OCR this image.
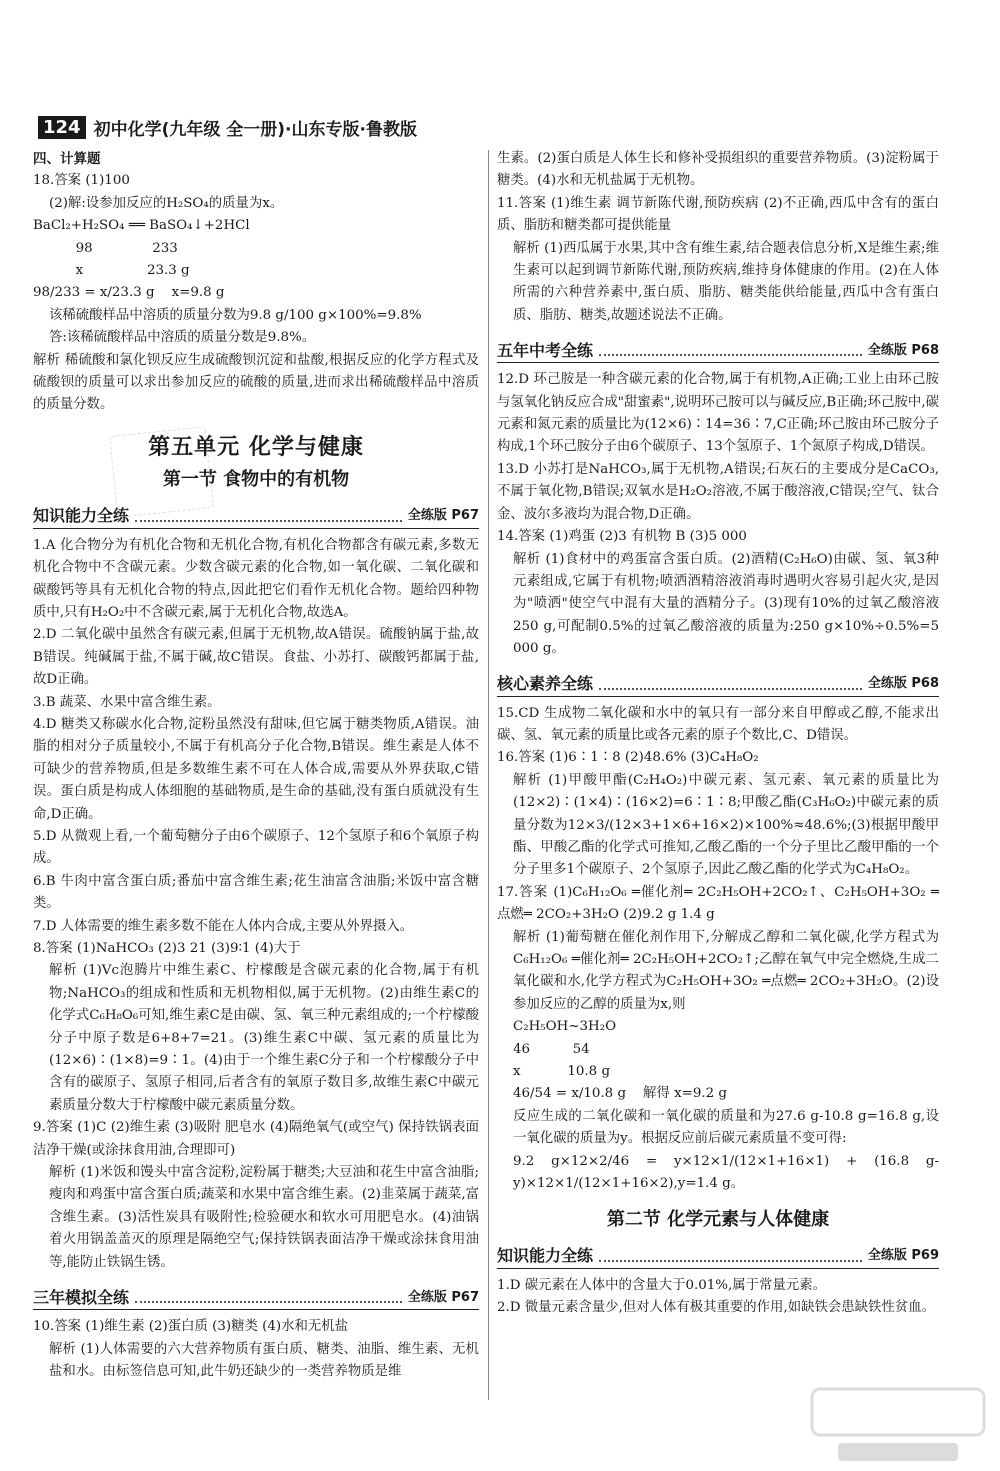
124 初中化学(九年级 全一册)·山东专版·鲁教版

四、计算题

18.答案 (1)100

(2)解:设参加反应的H₂SO₄的质量为x。

BaCl₂+H₂SO₄ ══ BaSO₄↓+2HCl

98              233

x               23.3 g

98/233 = x/23.3 g    x=9.8 g

该稀硫酸样品中溶质的质量分数为9.8 g/100 g×100%=9.8%

答:该稀硫酸样品中溶质的质量分数是9.8%。

解析 稀硫酸和氯化钡反应生成硫酸钡沉淀和盐酸,根据反应的化学方程式及硫酸钡的质量可以求出参加反应的硫酸的质量,进而求出稀硫酸样品中溶质的质量分数。

第五单元 化学与健康
第一节 食物中的有机物
知识能力全练	全练版 P67

1.A 化合物分为有机化合物和无机化合物,有机化合物都含有碳元素,多数无机化合物中不含碳元素。少数含碳元素的化合物,如一氧化碳、二氧化碳和碳酸钙等具有无机化合物的特点,因此把它们看作无机化合物。题给四种物质中,只有H₂O₂中不含碳元素,属于无机化合物,故选A。

2.D 二氧化碳中虽然含有碳元素,但属于无机物,故A错误。硫酸钠属于盐,故B错误。纯碱属于盐,不属于碱,故C错误。食盐、小苏打、碳酸钙都属于盐,故D正确。

3.B 蔬菜、水果中富含维生素。

4.D 糖类又称碳水化合物,淀粉虽然没有甜味,但它属于糖类物质,A错误。油脂的相对分子质量较小,不属于有机高分子化合物,B错误。维生素是人体不可缺少的营养物质,但是多数维生素不可在人体合成,需要从外界获取,C错误。蛋白质是构成人体细胞的基础物质,是生命的基础,没有蛋白质就没有生命,D正确。

5.D 从微观上看,一个葡萄糖分子由6个碳原子、12个氢原子和6个氧原子构成。

6.B 牛肉中富含蛋白质;番茄中富含维生素;花生油富含油脂;米饭中富含糖类。

7.D 人体需要的维生素多数不能在人体内合成,主要从外界摄入。

8.答案 (1)NaHCO₃ (2)3 21 (3)9∶1 (4)大于

解析 (1)Vc泡腾片中维生素C、柠檬酸是含碳元素的化合物,属于有机物;NaHCO₃的组成和性质和无机物相似,属于无机物。(2)由维生素C的化学式C₆H₈O₆可知,维生素C是由碳、氢、氧三种元素组成的;一个柠檬酸分子中原子数是6+8+7=21。(3)维生素C中碳、氢元素的质量比为(12×6)∶(1×8)=9∶1。(4)由于一个维生素C分子和一个柠檬酸分子中含有的碳原子、氢原子相同,后者含有的氧原子数目多,故维生素C中碳元素质量分数大于柠檬酸中碳元素质量分数。

9.答案 (1)C (2)维生素 (3)吸附 肥皂水 (4)隔绝氧气(或空气) 保持铁锅表面洁净干燥(或涂抹食用油,合理即可)

解析 (1)米饭和馒头中富含淀粉,淀粉属于糖类;大豆油和花生中富含油脂;瘦肉和鸡蛋中富含蛋白质;蔬菜和水果中富含维生素。(2)韭菜属于蔬菜,富含维生素。(3)活性炭具有吸附性;检验硬水和软水可用肥皂水。(4)油锅着火用锅盖盖灭的原理是隔绝空气;保持铁锅表面洁净干燥或涂抹食用油等,能防止铁锅生锈。

三年模拟全练	全练版 P67

10.答案 (1)维生素 (2)蛋白质 (3)糖类 (4)水和无机盐

解析 (1)人体需要的六大营养物质有蛋白质、糖类、油脂、维生素、无机盐和水。由标签信息可知,此牛奶还缺少的一类营养物质是维

生素。(2)蛋白质是人体生长和修补受损组织的重要营养物质。(3)淀粉属于糖类。(4)水和无机盐属于无机物。

11.答案 (1)维生素 调节新陈代谢,预防疾病 (2)不正确,西瓜中含有的蛋白质、脂肪和糖类都可提供能量

解析 (1)西瓜属于水果,其中含有维生素,结合题表信息分析,X是维生素;维生素可以起到调节新陈代谢,预防疾病,维持身体健康的作用。(2)在人体所需的六种营养素中,蛋白质、脂肪、糖类能供给能量,西瓜中含有蛋白质、脂肪、糖类,故题述说法不正确。

五年中考全练	全练版 P68

12.D 环己胺是一种含碳元素的化合物,属于有机物,A正确;工业上由环己胺与氢氧化钠反应合成"甜蜜素",说明环己胺可以与碱反应,B正确;环己胺中,碳元素和氮元素的质量比为(12×6)∶14=36∶7,C正确;环己胺由环己胺分子构成,1个环己胺分子由6个碳原子、13个氢原子、1个氮原子构成,D错误。

13.D 小苏打是NaHCO₃,属于无机物,A错误;石灰石的主要成分是CaCO₃,不属于氧化物,B错误;双氧水是H₂O₂溶液,不属于酸溶液,C错误;空气、钛合金、波尔多液均为混合物,D正确。

14.答案 (1)鸡蛋 (2)3 有机物 B (3)5 000

解析 (1)食材中的鸡蛋富含蛋白质。(2)酒精(C₂H₆O)由碳、氢、氧3种元素组成,它属于有机物;喷洒酒精溶液消毒时遇明火容易引起火灾,是因为"喷洒"使空气中混有大量的酒精分子。(3)现有10%的过氧乙酸溶液250 g,可配制0.5%的过氧乙酸溶液的质量为:250 g×10%÷0.5%=5 000 g。

核心素养全练	全练版 P68

15.CD 生成物二氧化碳和水中的氧只有一部分来自甲醇或乙醇,不能求出碳、氢、氧元素的质量比或各元素的原子个数比,C、D错误。

16.答案 (1)6∶1∶8 (2)48.6% (3)C₄H₈O₂

解析 (1)甲酸甲酯(C₂H₄O₂)中碳元素、氢元素、氧元素的质量比为(12×2)∶(1×4)∶(16×2)=6∶1∶8;甲酸乙酯(C₃H₆O₂)中碳元素的质量分数为12×3/(12×3+1×6+16×2)×100%≈48.6%;(3)根据甲酸甲酯、甲酸乙酯的化学式可推知,乙酸乙酯的一个分子里比乙酸甲酯的一个分子里多1个碳原子、2个氢原子,因此乙酸乙酯的化学式为C₄H₈O₂。

17.答案 (1)C₆H₁₂O₆ ═催化剂═ 2C₂H₅OH+2CO₂↑、C₂H₅OH+3O₂ ═点燃═ 2CO₂+3H₂O (2)9.2 g 1.4 g

解析 (1)葡萄糖在催化剂作用下,分解成乙醇和二氧化碳,化学方程式为C₆H₁₂O₆ ═催化剂═ 2C₂H₅OH+2CO₂↑;乙醇在氧气中完全燃烧,生成二氧化碳和水,化学方程式为C₂H₅OH+3O₂ ═点燃═ 2CO₂+3H₂O。(2)设参加反应的乙醇的质量为x,则

C₂H₅OH~3H₂O

46          54

x           10.8 g

46/54 = x/10.8 g    解得 x=9.2 g

反应生成的二氧化碳和一氧化碳的质量和为27.6 g-10.8 g=16.8 g,设一氧化碳的质量为y。根据反应前后碳元素质量不变可得:

9.2 g×12×2/46 = y×12×1/(12×1+16×1) + (16.8 g-y)×12×1/(12×1+16×2),y=1.4 g。

第二节 化学元素与人体健康
知识能力全练	全练版 P69

1.D 碳元素在人体中的含量大于0.01%,属于常量元素。

2.D 微量元素含量少,但对人体有极其重要的作用,如缺铁会患缺铁性贫血。
